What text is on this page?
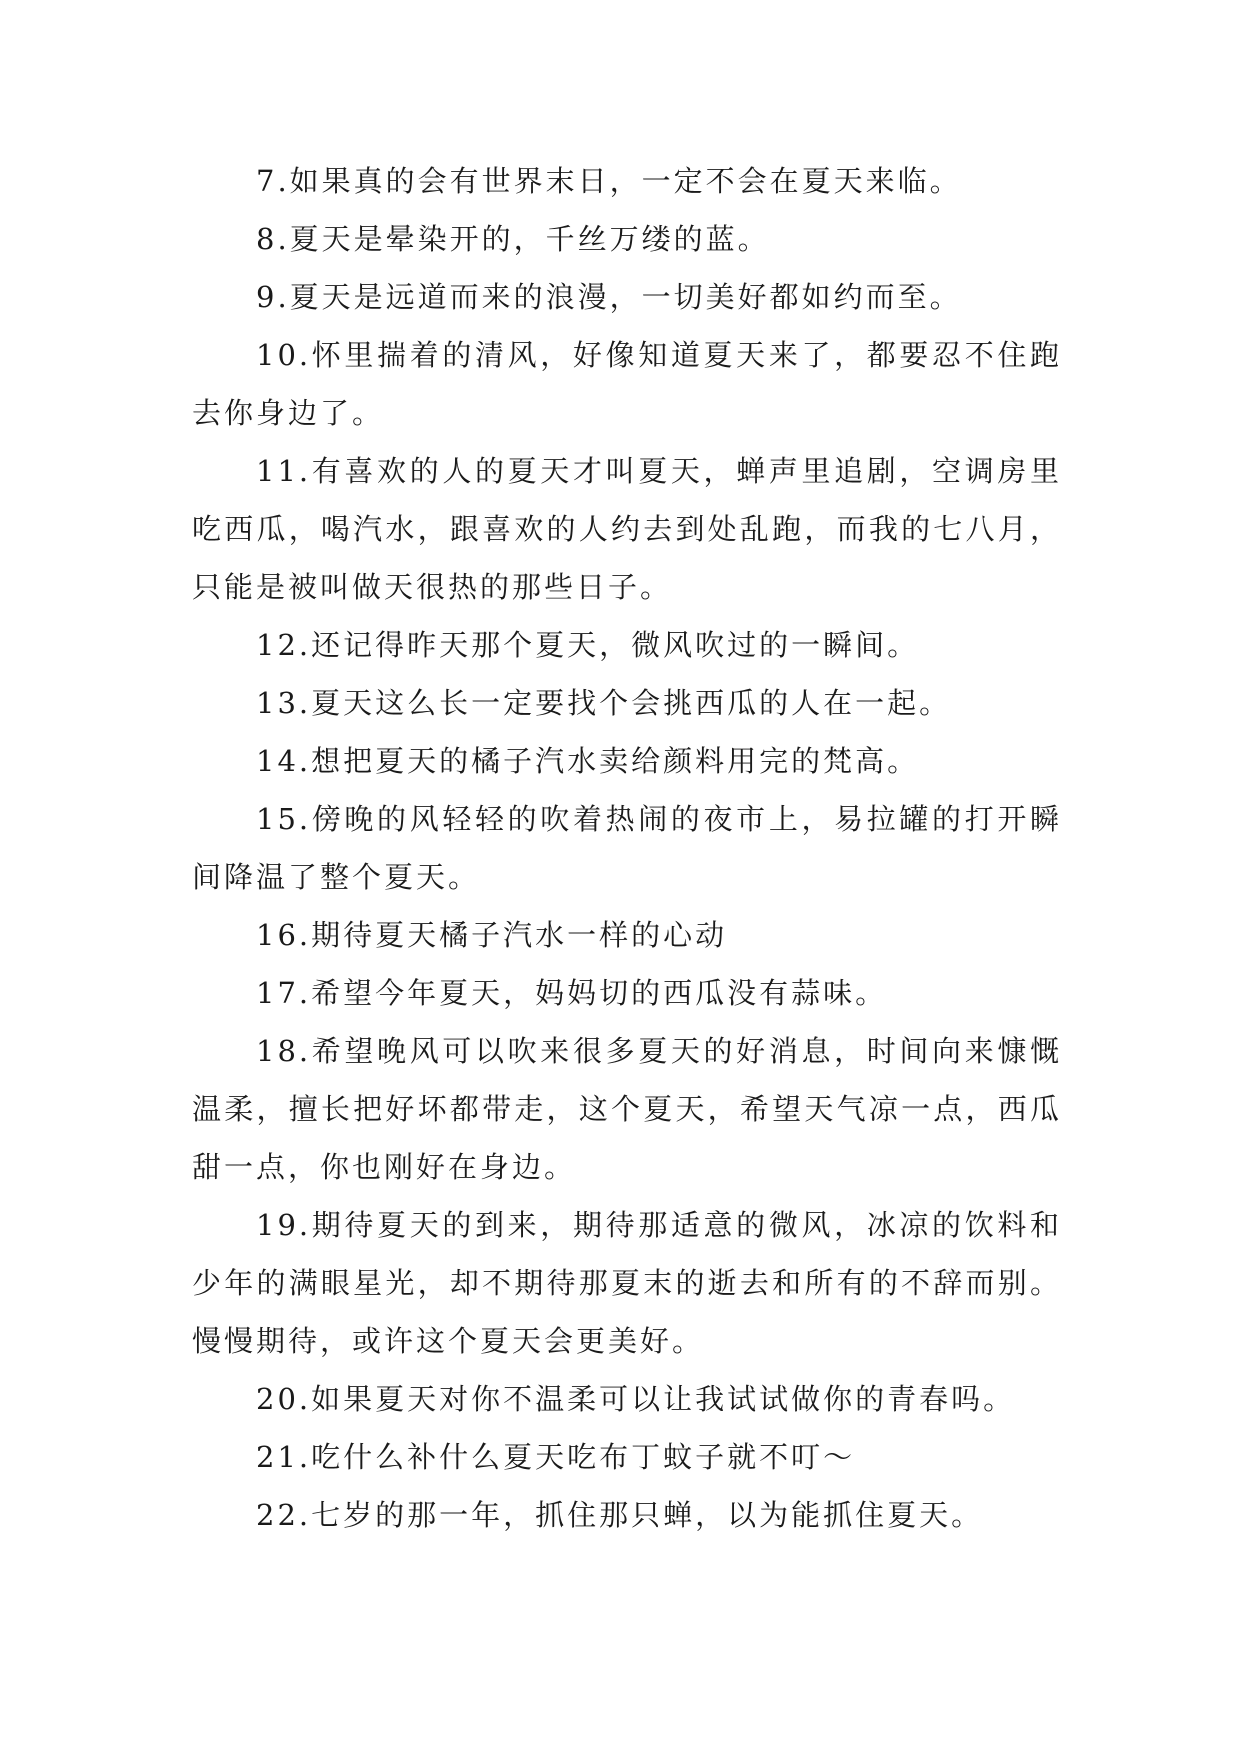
7.如果真的会有世界末日，一定不会在夏天来临。

8.夏天是晕染开的，千丝万缕的蓝。

9.夏天是远道而来的浪漫，一切美好都如约而至。

10.怀里揣着的清风，好像知道夏天来了，都要忍不住跑去你身边了。

11.有喜欢的人的夏天才叫夏天，蝉声里追剧，空调房里吃西瓜，喝汽水，跟喜欢的人约去到处乱跑，而我的七八月，只能是被叫做天很热的那些日子。

12.还记得昨天那个夏天，微风吹过的一瞬间。

13.夏天这么长一定要找个会挑西瓜的人在一起。

14.想把夏天的橘子汽水卖给颜料用完的梵高。

15.傍晚的风轻轻的吹着热闹的夜市上，易拉罐的打开瞬间降温了整个夏天。

16.期待夏天橘子汽水一样的心动

17.希望今年夏天，妈妈切的西瓜没有蒜味。

18.希望晚风可以吹来很多夏天的好消息，时间向来慷慨温柔，擅长把好坏都带走，这个夏天，希望天气凉一点，西瓜甜一点，你也刚好在身边。

19.期待夏天的到来，期待那适意的微风，冰凉的饮料和少年的满眼星光，却不期待那夏末的逝去和所有的不辞而别。慢慢期待，或许这个夏天会更美好。

20.如果夏天对你不温柔可以让我试试做你的青春吗。

21.吃什么补什么夏天吃布丁蚊子就不叮～

22.七岁的那一年，抓住那只蝉，以为能抓住夏天。
